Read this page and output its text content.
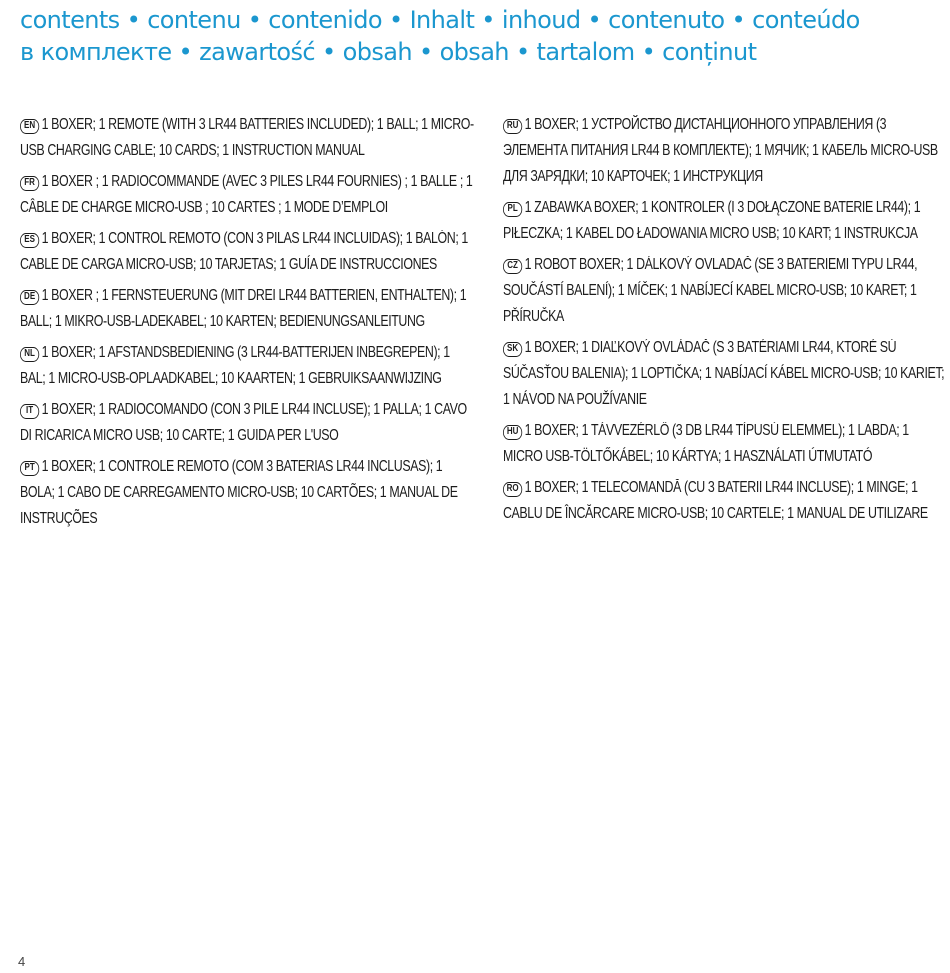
contents • contenu • contenido • Inhalt • inhoud • contenuto • conteúdo
в комплекте • zawartość • obsah • obsah • tartalom • conținut

EN 1 BOXER; 1 REMOTE (WITH 3 LR44 BATTERIES INCLUDED); 1 BALL; 1 MICRO-USB CHARGING CABLE; 10 CARDS; 1 INSTRUCTION MANUAL

FR 1 BOXER ; 1 RADIOCOMMANDE (AVEC 3 PILES LR44 FOURNIES) ; 1 BALLE ; 1 CÂBLE DE CHARGE MICRO-USB ; 10 CARTES ; 1 MODE D’EMPLOI

ES 1 BOXER; 1 CONTROL REMOTO (CON 3 PILAS LR44 INCLUIDAS); 1 BALÓN; 1 CABLE DE CARGA MICRO-USB; 10 TARJETAS; 1 GUÍA DE INSTRUCCIONES

DE 1 BOXER ; 1 FERNSTEUERUNG (MIT DREI LR44 BATTERIEN, ENTHALTEN); 1 BALL; 1 MIKRO-USB-LADEKABEL; 10 KARTEN; BEDIENUNGSANLEITUNG

NL 1 BOXER; 1 AFSTANDSBEDIENING (3 LR44-BATTERIJEN INBEGREPEN); 1 BAL; 1 MICRO-USB-OPLAADKABEL; 10 KAARTEN; 1 GEBRUIKSAANWIJZING

IT 1 BOXER; 1 RADIOCOMANDO (CON 3 PILE LR44 INCLUSE); 1 PALLA; 1 CAVO DI RICARICA MICRO USB; 10 CARTE; 1 GUIDA PER L'USO

PT 1 BOXER; 1 CONTROLE REMOTO (COM 3 BATERIAS LR44 INCLUSAS); 1 BOLA; 1 CABO DE CARREGAMENTO MICRO-USB; 10 CARTÕES; 1 MANUAL DE INSTRUÇÕES

RU 1 BOXER; 1 УСТРОЙСТВО ДИСТАНЦИОННОГО УПРАВЛЕНИЯ (3 ЭЛЕМЕНТА ПИТАНИЯ LR44 В КОМПЛЕКТЕ); 1 МЯЧИК; 1 КАБЕЛЬ MICRO-USB ДЛЯ ЗАРЯДКИ; 10 КАРТОЧЕК; 1 ИНСТРУКЦИЯ

PL 1 ZABAWKA BOXER; 1 KONTROLER (I 3 DOŁĄCZONE BATERIE LR44); 1 PIŁECZKA; 1 KABEL DO ŁADOWANIA MICRO USB; 10 KART; 1 INSTRUKCJA

CZ 1 ROBOT BOXER; 1 DÁLKOVÝ OVLADAČ (SE 3 BATERIEMI TYPU LR44, SOUČÁSTÍ BALENÍ); 1 MÍČEK; 1 NABÍJECÍ KABEL MICRO-USB; 10 KARET; 1 PŘÍRUČKA

SK 1 BOXER; 1 DIAĽKOVÝ OVLÁDAČ (S 3 BATÉRIAMI LR44, KTORÉ SÚ SÚČASŤOU BALENIA); 1 LOPTIČKA; 1 NABÍJACÍ KÁBEL MICRO-USB; 10 KARIET; 1 NÁVOD NA POUŽÍVANIE

HU 1 BOXER; 1 TÁVVEZÉRLŐ (3 DB LR44 TÍPUSÚ ELEMMEL); 1 LABDA; 1 MICRO USB-TÖLTŐKÁBEL; 10 KÁRTYA; 1 HASZNÁLATI ÚTMUTATÓ

RO 1 BOXER; 1 TELECOMANDĂ (CU 3 BATERII LR44 INCLUSE); 1 MINGE; 1 CABLU DE ÎNCĂRCARE MICRO-USB; 10 CARTELE; 1 MANUAL DE UTILIZARE

4
